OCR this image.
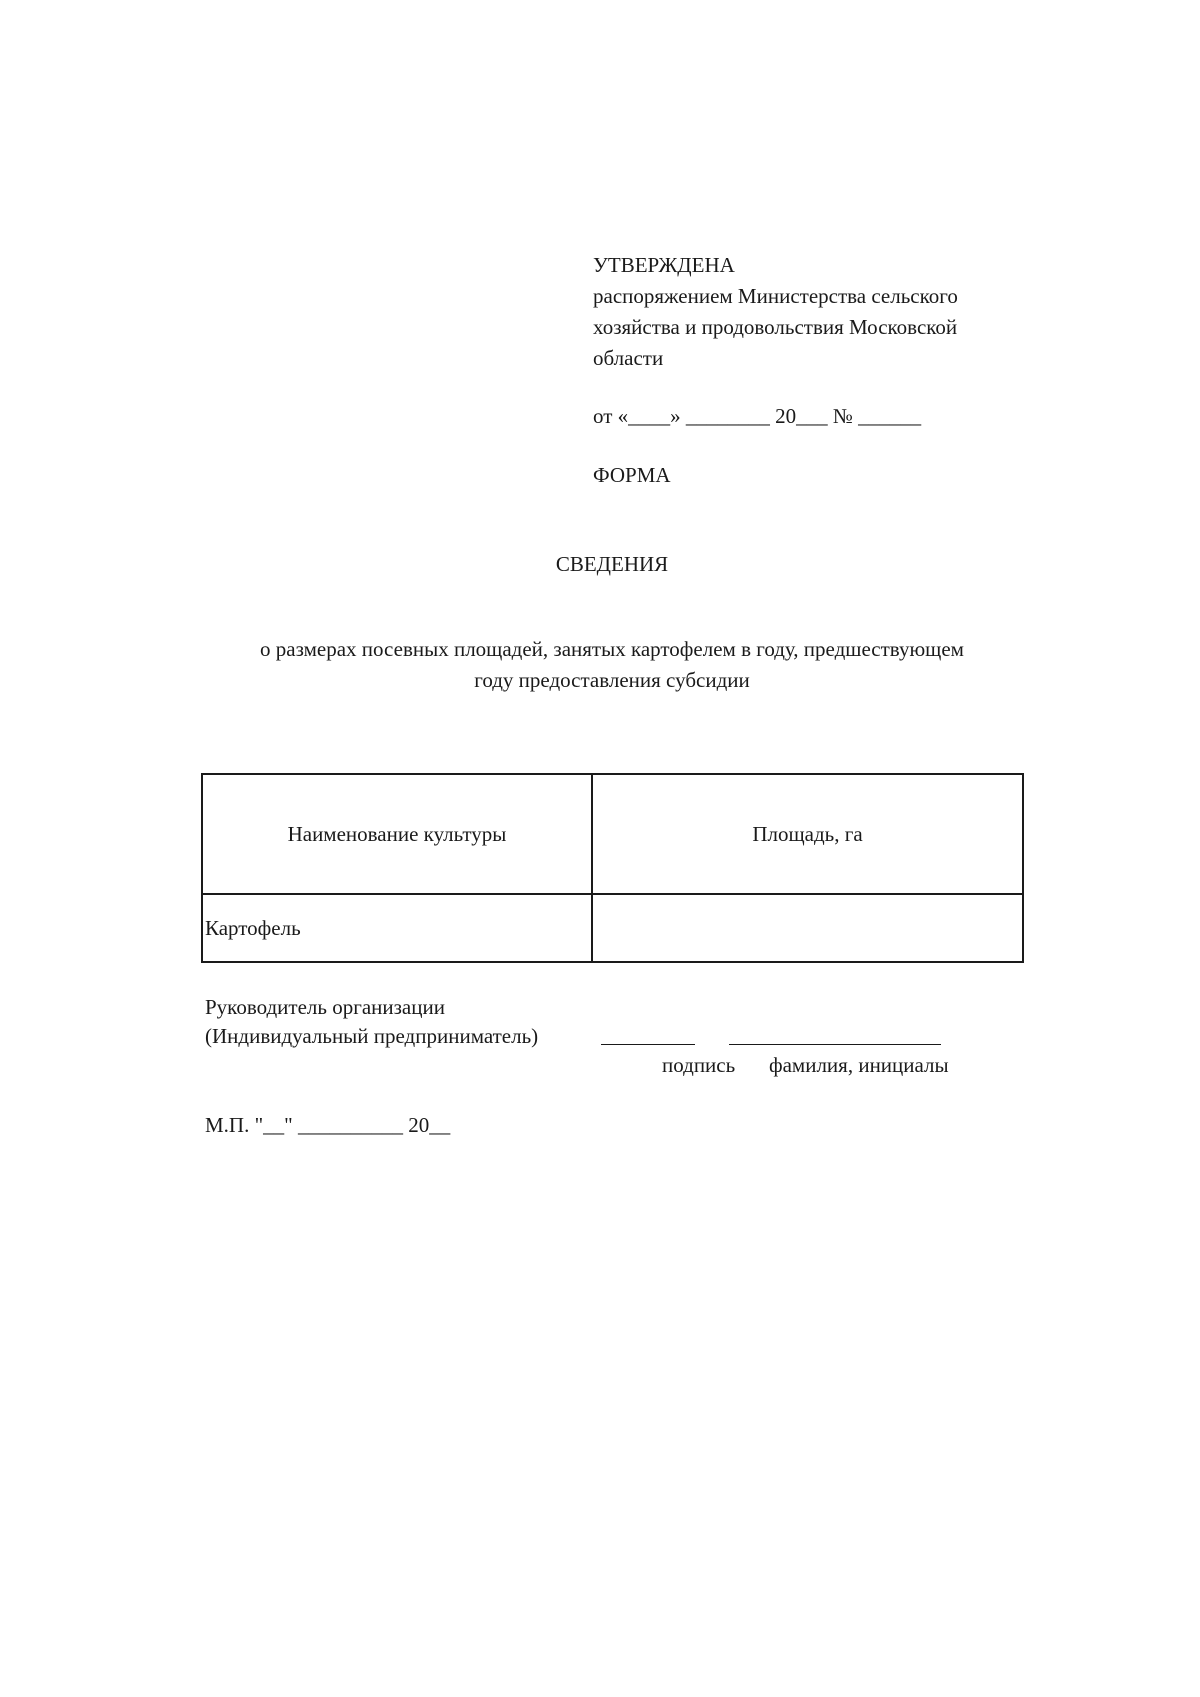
УТВЕРЖДЕНА
распоряжением Министерства сельского
хозяйства и продовольствия Московской
области
от «____» ________ 20___ № ______
ФОРМА
СВЕДЕНИЯ
о размерах посевных площадей, занятых картофелем в году, предшествующем
году предоставления субсидии
Наименование культуры	Площадь, га
Картофель	
Руководитель организации
(Индивидуальный предприниматель)
подпись фамилия, инициалы
М.П. "__" __________ 20__
